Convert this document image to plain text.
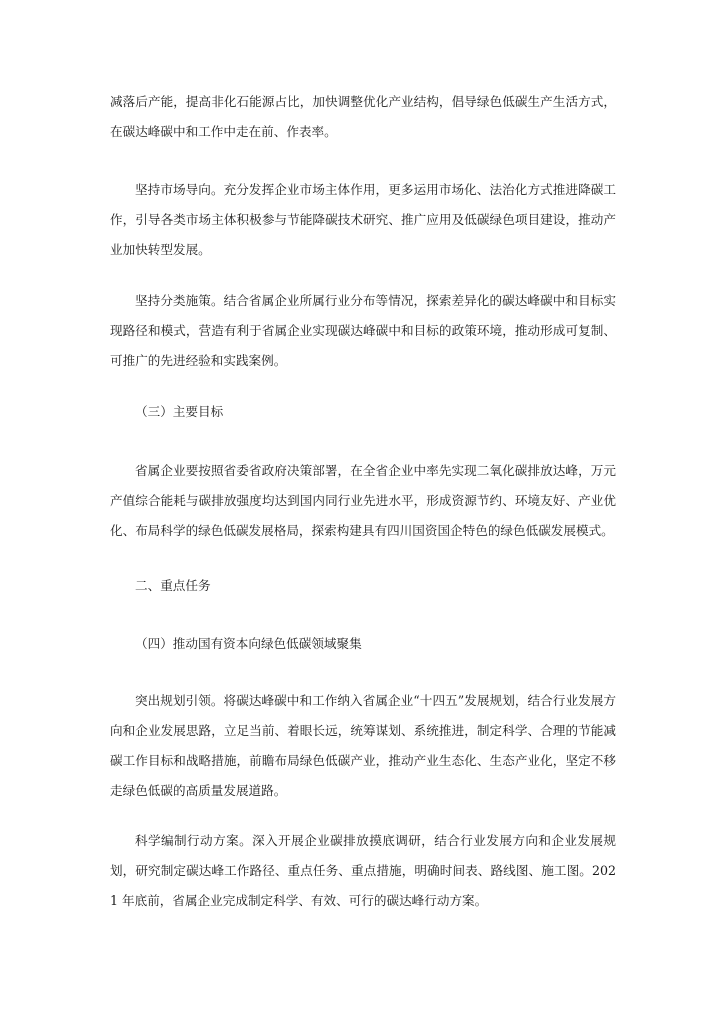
减落后产能，提高非化石能源占比，加快调整优化产业结构，倡导绿色低碳生产生活方式，在碳达峰碳中和工作中走在前、作表率。

坚持市场导向。充分发挥企业市场主体作用，更多运用市场化、法治化方式推进降碳工作，引导各类市场主体积极参与节能降碳技术研究、推广应用及低碳绿色项目建设，推动产业加快转型发展。

坚持分类施策。结合省属企业所属行业分布等情况，探索差异化的碳达峰碳中和目标实现路径和模式，营造有利于省属企业实现碳达峰碳中和目标的政策环境，推动形成可复制、可推广的先进经验和实践案例。

（三）主要目标

省属企业要按照省委省政府决策部署，在全省企业中率先实现二氧化碳排放达峰，万元产值综合能耗与碳排放强度均达到国内同行业先进水平，形成资源节约、环境友好、产业优化、布局科学的绿色低碳发展格局，探索构建具有四川国资国企特色的绿色低碳发展模式。

二、重点任务

（四）推动国有资本向绿色低碳领域聚集

突出规划引领。将碳达峰碳中和工作纳入省属企业“十四五”发展规划，结合行业发展方向和企业发展思路，立足当前、着眼长远，统筹谋划、系统推进，制定科学、合理的节能减碳工作目标和战略措施，前瞻布局绿色低碳产业，推动产业生态化、生态产业化，坚定不移走绿色低碳的高质量发展道路。

科学编制行动方案。深入开展企业碳排放摸底调研，结合行业发展方向和企业发展规划，研究制定碳达峰工作路径、重点任务、重点措施，明确时间表、路线图、施工图。2021 年底前，省属企业完成制定科学、有效、可行的碳达峰行动方案。
